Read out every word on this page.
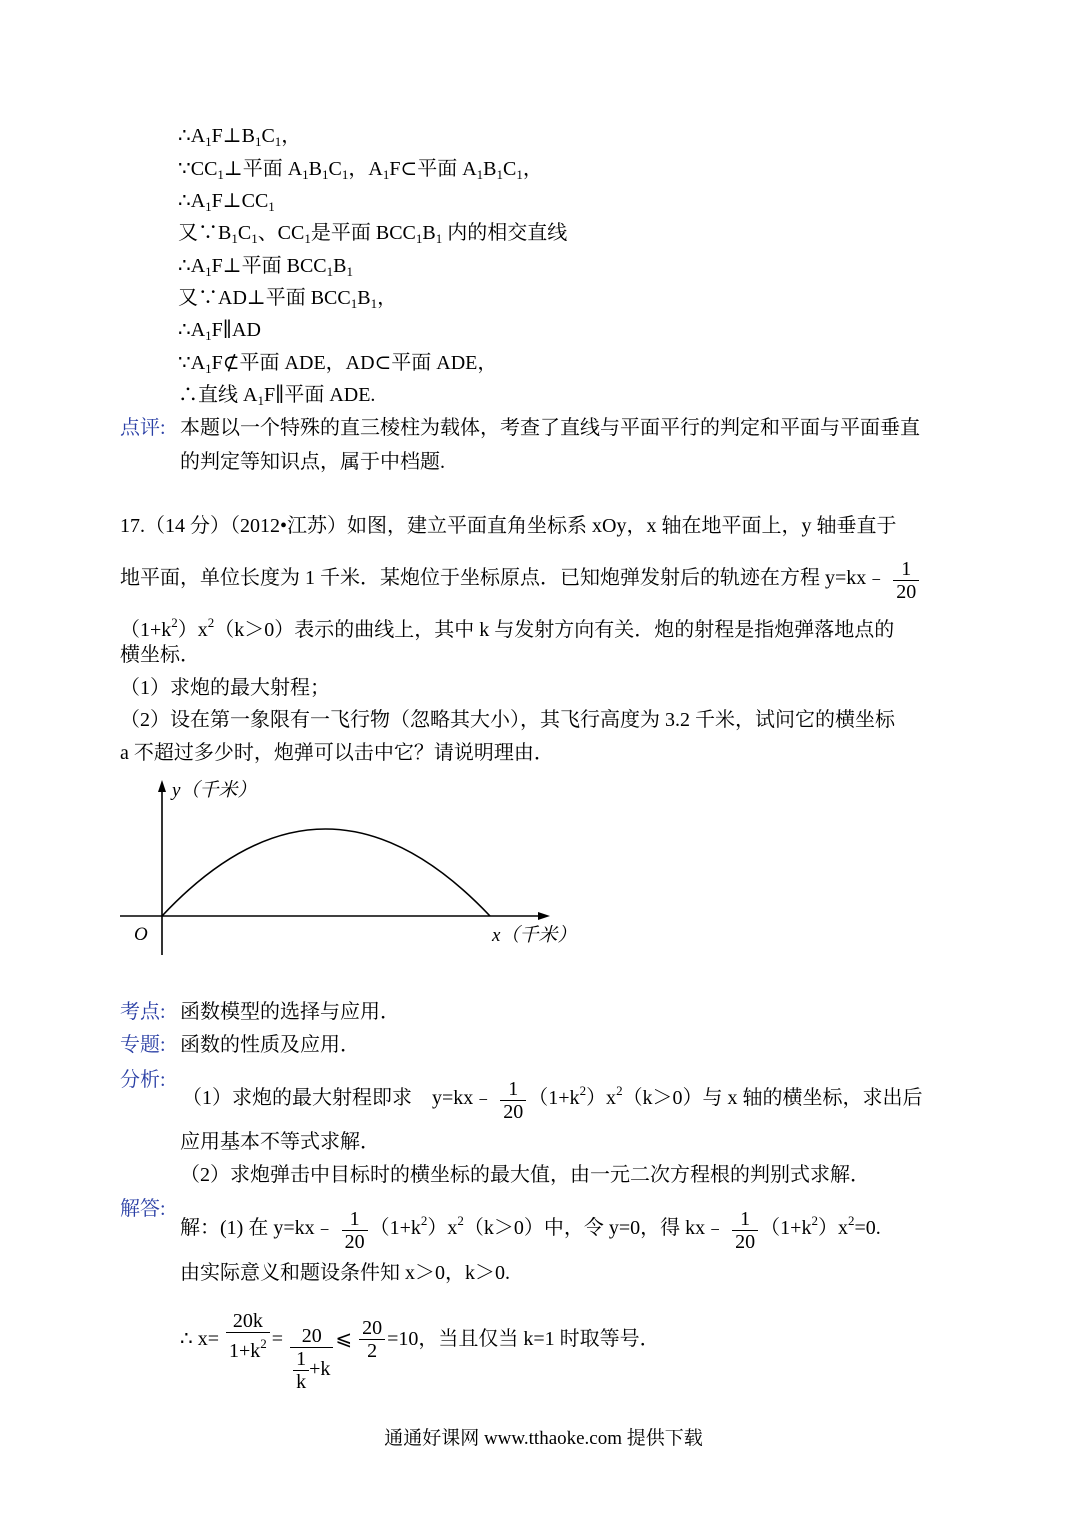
$\therefore A_1F\perp B_1C_1$，
$\because CC_1\perp$平面 $A_1B_1C_1$，$A_1F\subset$平面 $A_1B_1C_1$，
$\therefore A_1F\perp CC_1$
又$\because B_1C_1$、$CC_1$是平面 $BCC_1B_1$ 内的相交直线
$\therefore A_1F\perp$平面 $BCC_1B_1$
又∵AD⊥平面 $BCC_1B_1$，
$\therefore A_1F\parallel AD$
$\because A_1F⊄$平面 ADE，AD⊂平面 ADE，
∴直线 $A_1F\parallel$平面 ADE.
点评: 本题以一个特殊的直三棱柱为载体，考查了直线与平面平行的判定和平面与平面垂直
的判定等知识点，属于中档题.
17.（14 分）（2012•江苏）如图，建立平面直角坐标系 xOy，x 轴在地平面上，y 轴垂直于
地平面，单位长度为 1 千米．某炮位于坐标原点．已知炮弹发射后的轨迹在方程 y=kx﹣ $\frac{1}{20}$
$(1+k^2)x^2(k>0)$表示的曲线上，其中 k 与发射方向有关．炮的射程是指炮弹落地点的
横坐标．
（1）求炮的最大射程；
（2）设在第一象限有一飞行物（忽略其大小），其飞行高度为 3.2 千米，试问它的横坐标
a 不超过多少时，炮弹可以击中它？请说明理由．
y（千米）
x（千米）
O
考点: 函数模型的选择与应用．
专题: 函数的性质及应用．
分析:
（1）求炮的最大射程即求　y=kx﹣ $\frac{1}{20} (1+k^2)x^2(k>0)$与 x 轴的横坐标，求出后
应用基本不等式求解．
（2）求炮弹击中目标时的横坐标的最大值，由一元二次方程根的判别式求解．
解答:
解：(1) 在 y=kx﹣ $\frac{1}{20} (1+k^2)x^2(k>0)$中，令 y=0，得 kx﹣ $\frac{1}{20} (1+k^2)x^2=0$.
由实际意义和题设条件知 x＞0，k＞0.
∴ $x= \frac{20k}{1+k^2} = \frac{20}{\frac{1}{k} +k}$ ⩽ $\frac{20}{2} =10$，当且仅当 k=1 时取等号．
通通好课网 www.tthaoke.com 提供下载
